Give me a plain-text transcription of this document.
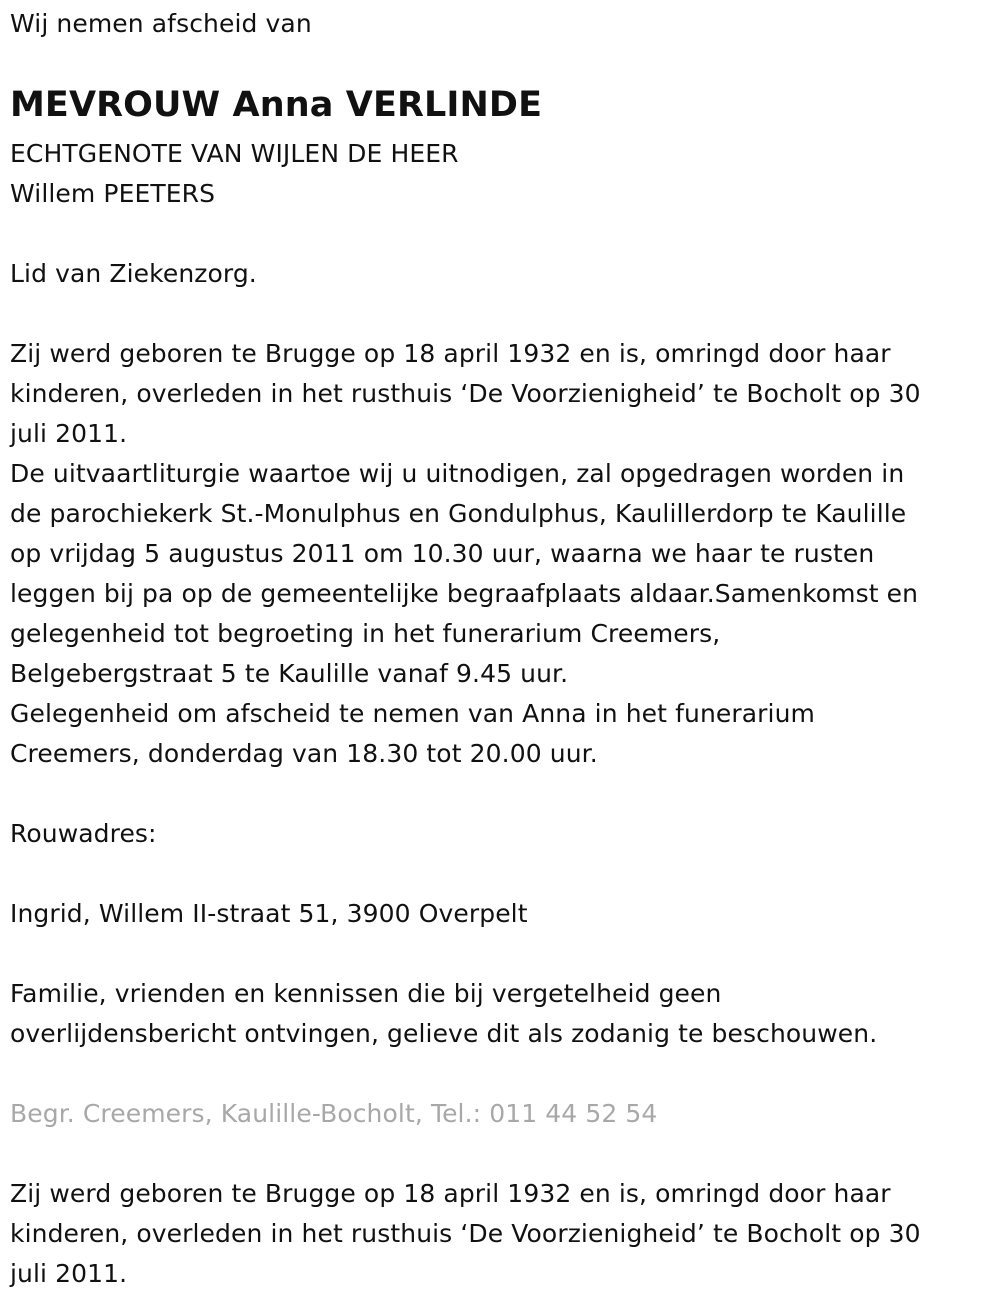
Wij nemen afscheid van
MEVROUW Anna VERLINDE
ECHTGENOTE VAN WIJLEN DE HEER
Willem PEETERS
Lid van Ziekenzorg.
Zij werd geboren te Brugge op 18 april 1932 en is, omringd door haar
kinderen, overleden in het rusthuis ‘De Voorzienigheid’ te Bocholt op 30
juli 2011.
De uitvaartliturgie waartoe wij u uitnodigen, zal opgedragen worden in
de parochiekerk St.-Monulphus en Gondulphus, Kaulillerdorp te Kaulille
op vrijdag 5 augustus 2011 om 10.30 uur, waarna we haar te rusten
leggen bij pa op de gemeentelijke begraafplaats aldaar.Samenkomst en
gelegenheid tot begroeting in het funerarium Creemers,
Belgebergstraat 5 te Kaulille vanaf 9.45 uur.
Gelegenheid om afscheid te nemen van Anna in het funerarium
Creemers, donderdag van 18.30 tot 20.00 uur.
Rouwadres:
Ingrid, Willem II-straat 51, 3900 Overpelt
Familie, vrienden en kennissen die bij vergetelheid geen
overlijdensbericht ontvingen, gelieve dit als zodanig te beschouwen.
Begr. Creemers, Kaulille-Bocholt, Tel.: 011 44 52 54
Zij werd geboren te Brugge op 18 april 1932 en is, omringd door haar
kinderen, overleden in het rusthuis ‘De Voorzienigheid’ te Bocholt op 30
juli 2011.
